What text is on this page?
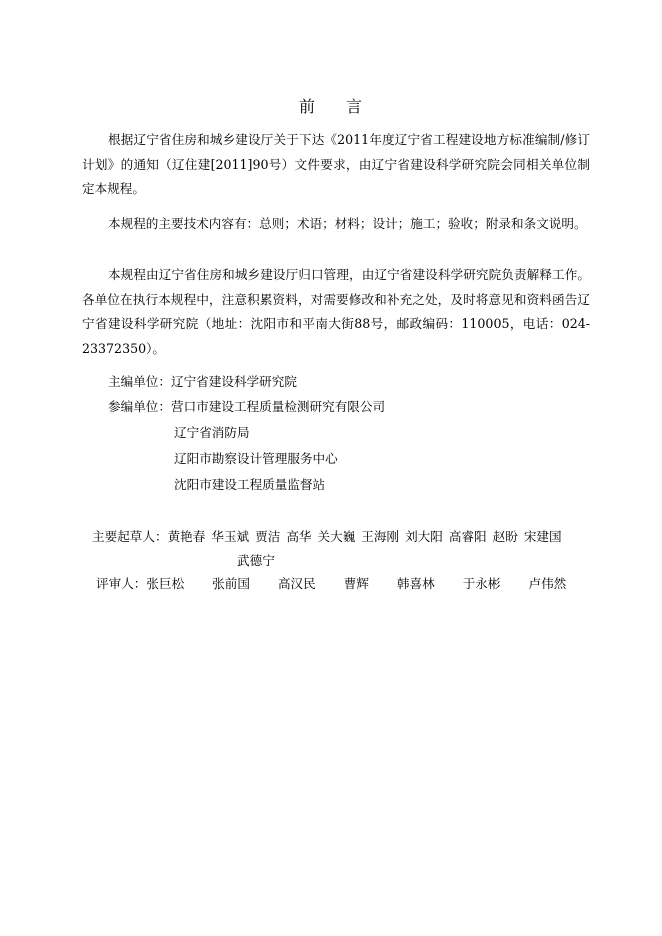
前 言
根据辽宁省住房和城乡建设厅关于下达《2011年度辽宁省工程建设地方标准编制/修订计划》的通知（辽住建[2011]90号）文件要求，由辽宁省建设科学研究院会同相关单位制定本规程。
本规程的主要技术内容有：总则；术语；材料；设计；施工；验收；附录和条文说明。
本规程由辽宁省住房和城乡建设厅归口管理，由辽宁省建设科学研究院负责解释工作。各单位在执行本规程中，注意积累资料，对需要修改和补充之处，及时将意见和资料函告辽宁省建设科学研究院（地址：沈阳市和平南大街88号，邮政编码：110005，电话：024-23372350）。
主编单位：辽宁省建设科学研究院
参编单位：营口市建设工程质量检测研究有限公司
辽宁省消防局
辽阳市勘察设计管理服务中心
沈阳市建设工程质量监督站
主要起草人：黄艳春 华玉斌 贾洁 高华 关大巍 王海刚 刘大阳 高睿阳 赵盼 宋建国
武德宁
评审人：张巨松 张前国 高汉民 曹辉 韩喜林 于永彬 卢伟然
